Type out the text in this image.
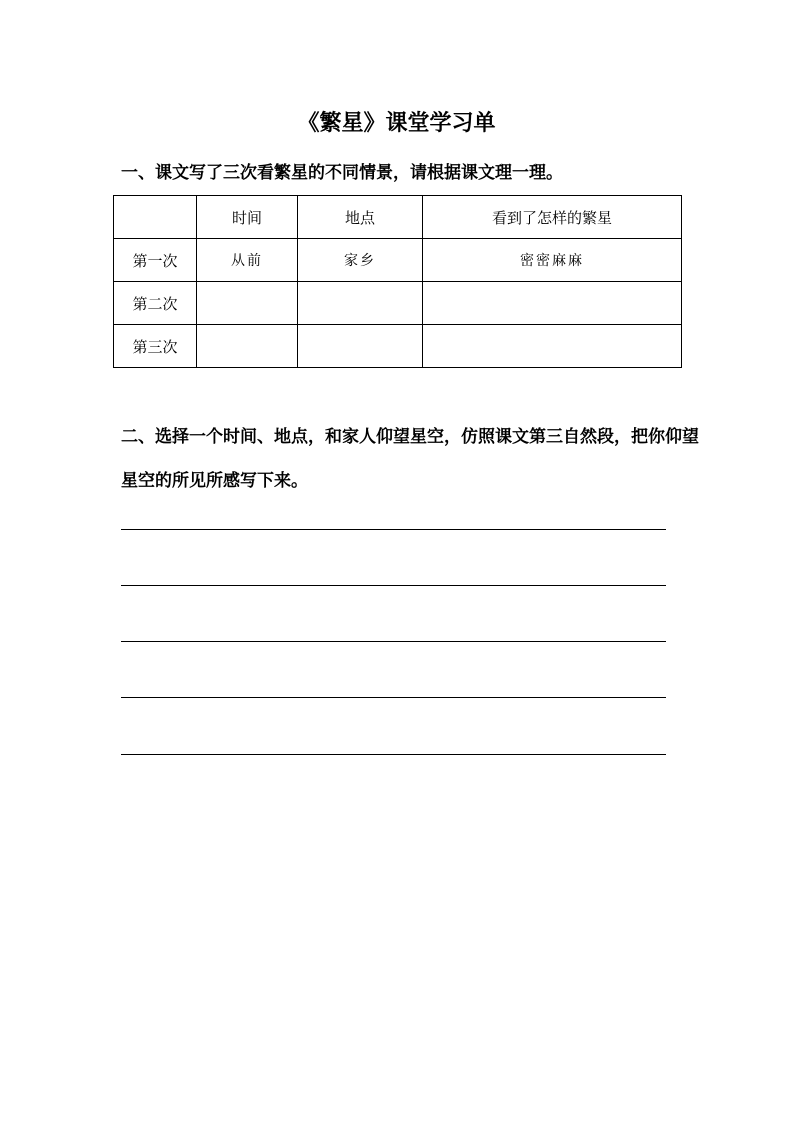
《繁星》课堂学习单

一、课文写了三次看繁星的不同情景，请根据课文理一理。

	时间	地点	看到了怎样的繁星
第一次	从前	家乡	密密麻麻
第二次			
第三次			

二、选择一个时间、地点，和家人仰望星空，仿照课文第三自然段，把你仰望星空的所见所感写下来。
